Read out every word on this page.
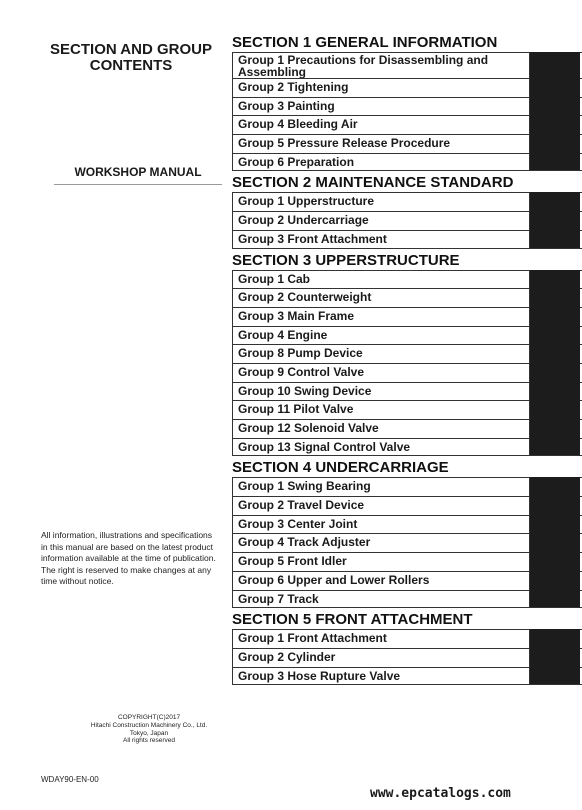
SECTION AND GROUP
CONTENTS
WORKSHOP MANUAL
All information, illustrations and specifications in this manual are based on the latest product information available at the time of publication. The right is reserved to make changes at any time without notice.
COPYRIGHT(C)2017
Hitachi Construction Machinery Co., Ltd.
Tokyo, Japan
All rights reserved
WDAY90-EN-00
SECTION 1 GENERAL INFORMATION
Group 1 Precautions for Disassembling and Assembling
Group 2 Tightening
Group 3 Painting
Group 4 Bleeding Air
Group 5 Pressure Release Procedure
Group 6 Preparation
SECTION 2 MAINTENANCE STANDARD
Group 1 Upperstructure
Group 2 Undercarriage
Group 3 Front Attachment
SECTION 3 UPPERSTRUCTURE
Group 1 Cab
Group 2 Counterweight
Group 3 Main Frame
Group 4 Engine
Group 8 Pump Device
Group 9 Control Valve
Group 10 Swing Device
Group 11 Pilot Valve
Group 12 Solenoid Valve
Group 13 Signal Control Valve
SECTION 4 UNDERCARRIAGE
Group 1 Swing Bearing
Group 2 Travel Device
Group 3 Center Joint
Group 4 Track Adjuster
Group 5 Front Idler
Group 6 Upper and Lower Rollers
Group 7 Track
SECTION 5 FRONT ATTACHMENT
Group 1 Front Attachment
Group 2 Cylinder
Group 3 Hose Rupture Valve
www.epcatalogs.com
